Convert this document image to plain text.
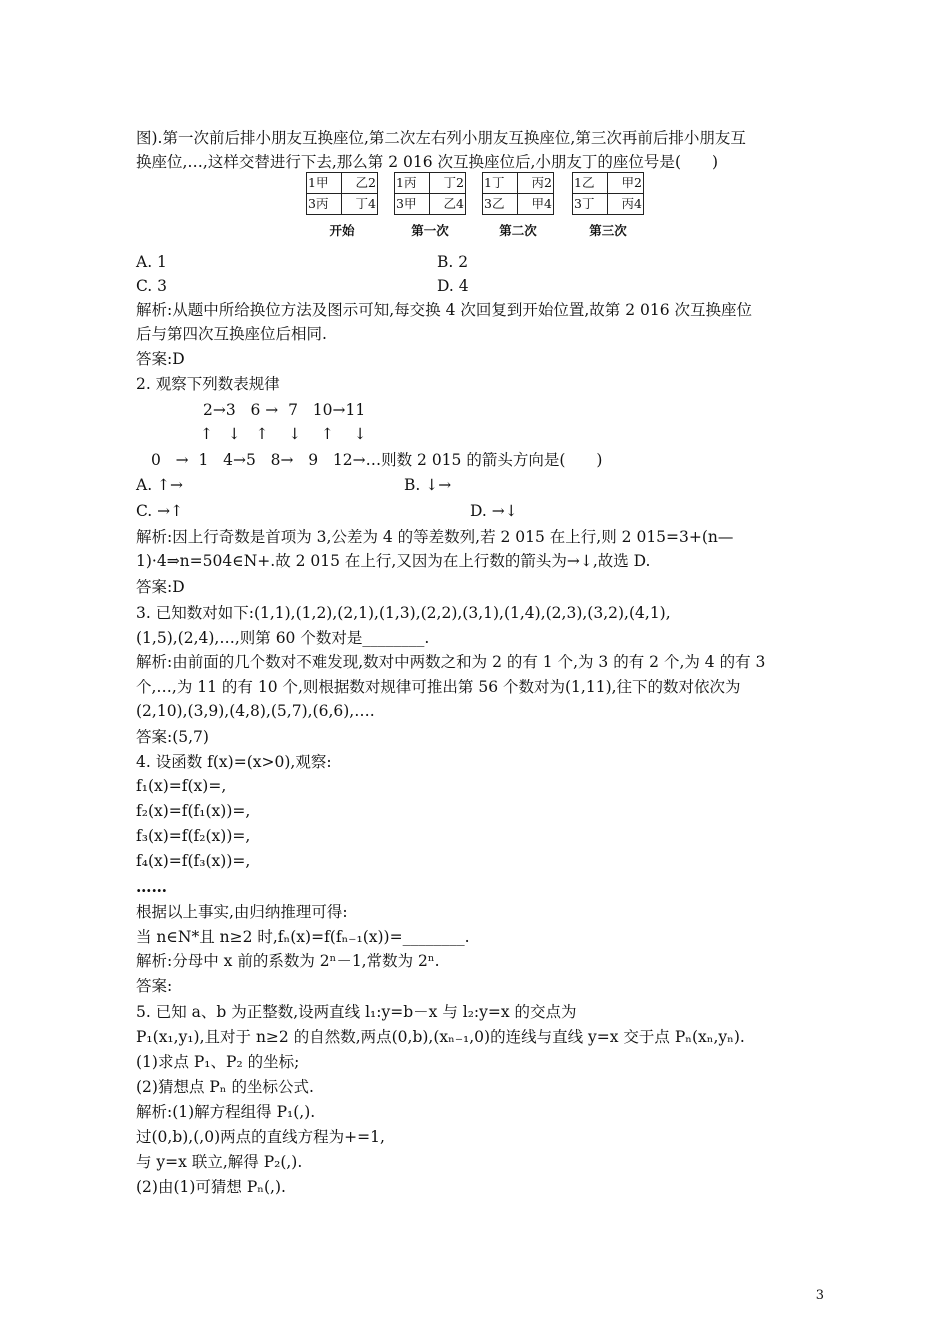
图).第一次前后排小朋友互换座位,第二次左右列小朋友互换座位,第三次再前后排小朋友互
换座位,…,这样交替进行下去,那么第 2 016 次互换座位后,小朋友丁的座位号是(　　)
1甲	乙2
3丙	丁4
开始
1丙	丁2
3甲	乙4
第一次
1丁	丙2
3乙	甲4
第二次
1乙	甲2
3丁	丙4
第三次
A. 1	B. 2
C. 3	D. 4
解析:从题中所给换位方法及图示可知,每交换 4 次回复到开始位置,故第 2 016 次互换座位
后与第四次互换座位后相同.
答案:D
2. 观察下列数表规律
2→3   6 →  7   10→11
↑   ↓   ↑    ↓    ↑    ↓
0   →  1   4→5   8→   9   12→…则数 2 015 的箭头方向是(　　)
A. ↑→	B. ↓→
C. →↑	D. →↓
解析:因上行奇数是首项为 3,公差为 4 的等差数列,若 2 015 在上行,则 2 015=3+(n—
1)·4⇒n=504∈N+.故 2 015 在上行,又因为在上行数的箭头为→↓,故选 D.
答案:D
3. 已知数对如下:(1,1),(1,2),(2,1),(1,3),(2,2),(3,1),(1,4),(2,3),(3,2),(4,1),
(1,5),(2,4),…,则第 60 个数对是________.
解析:由前面的几个数对不难发现,数对中两数之和为 2 的有 1 个,为 3 的有 2 个,为 4 的有 3
个,…,为 11 的有 10 个,则根据数对规律可推出第 56 个数对为(1,11),往下的数对依次为
(2,10),(3,9),(4,8),(5,7),(6,6),….
答案:(5,7)
4. 设函数 f(x)=(x>0),观察:
f₁(x)=f(x)=,
f₂(x)=f(f₁(x))=,
f₃(x)=f(f₂(x))=,
f₄(x)=f(f₃(x))=,
……
根据以上事实,由归纳推理可得:
当 n∈N*且 n≥2 时,fₙ(x)=f(fₙ₋₁(x))=________.
解析:分母中 x 前的系数为 2ⁿ－1,常数为 2ⁿ.
答案:
5. 已知 a、b 为正整数,设两直线 l₁:y=b－x 与 l₂:y=x 的交点为
P₁(x₁,y₁),且对于 n≥2 的自然数,两点(0,b),(xₙ₋₁,0)的连线与直线 y=x 交于点 Pₙ(xₙ,yₙ).
(1)求点 P₁、P₂ 的坐标;
(2)猜想点 Pₙ 的坐标公式.
解析:(1)解方程组得 P₁(,).
过(0,b),(,0)两点的直线方程为+=1,
与 y=x 联立,解得 P₂(,).
(2)由(1)可猜想 Pₙ(,).
3
